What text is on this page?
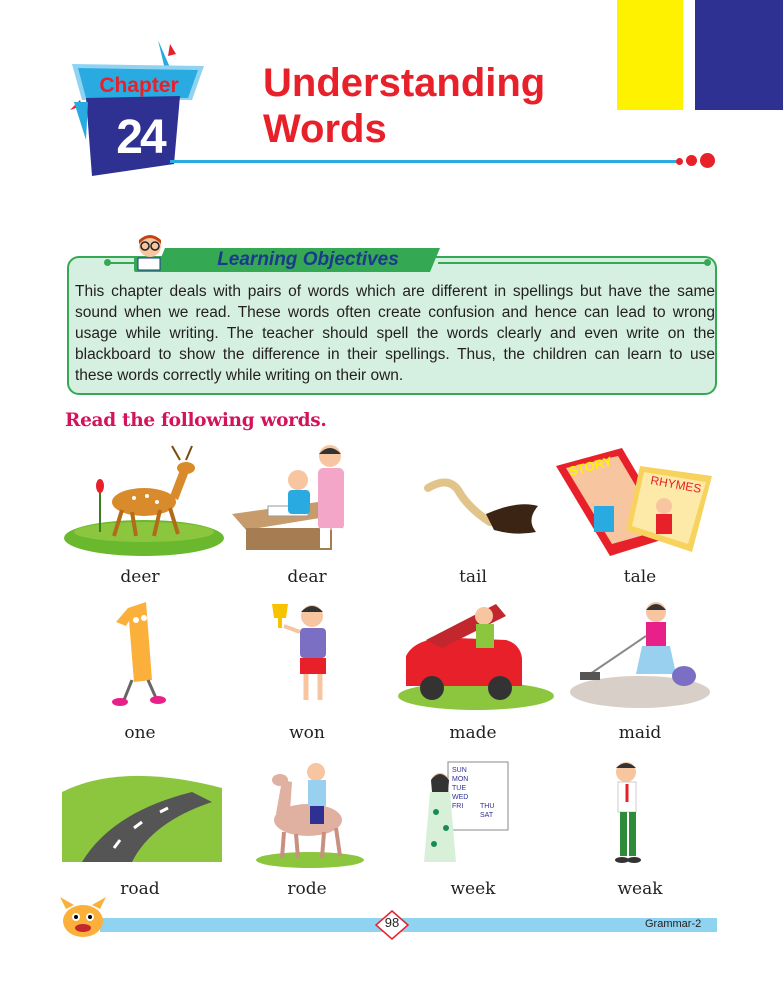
Chapter
24
Understanding
Words
Learning Objectives
This chapter deals with pairs of words which are different in spellings but have the same
sound when we read. These words often create confusion and hence can lead to wrong
usage while writing. The teacher should spell the words clearly and even write on the
blackboard to show the difference in their spellings. Thus, the children can learn to use
these words correctly while writing on their own.
Read the following words.
STORY
RHYMES
deer	dear	tail	tale
one	won	made	maid
SUN
MON
TUE
WED
FRI THU
SAT
road	rode	week	weak
98	Grammar-2
